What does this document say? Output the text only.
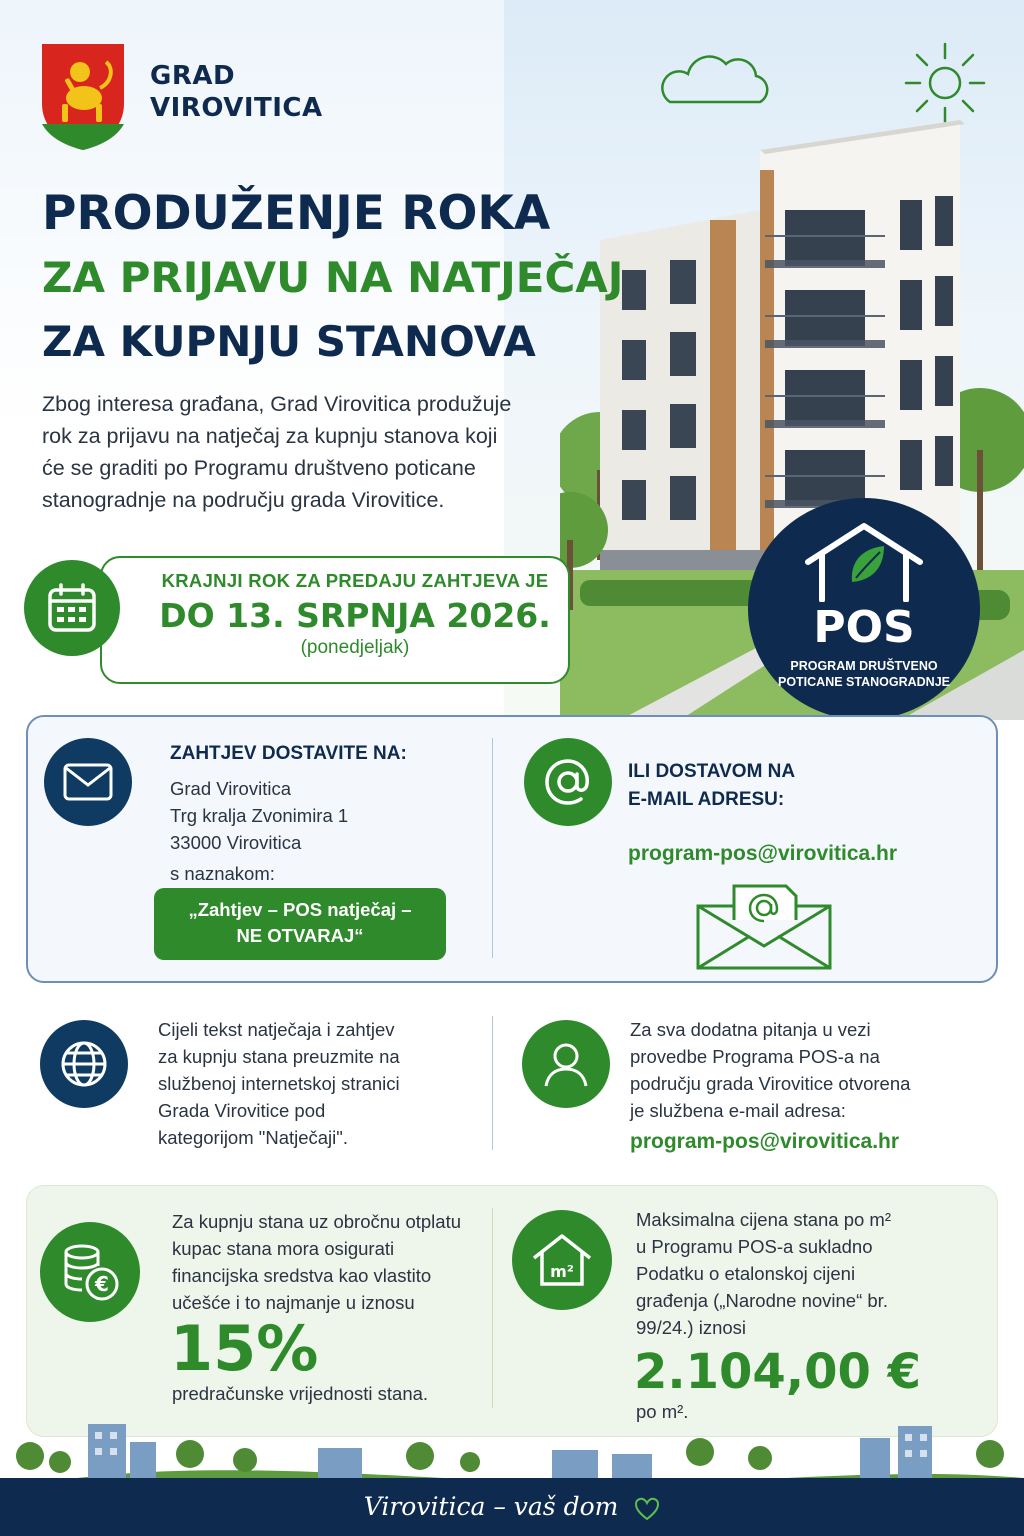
GRAD
VIROVITICA
PRODUŽENJE ROKA
ZA PRIJAVU NA NATJEČAJ
ZA KUPNJU STANOVA
Zbog interesa građana, Grad Virovitica produžuje
rok za prijavu na natječaj za kupnju stanova koji
će se graditi po Programu društveno poticane
stanogradnje na području grada Virovitice.
KRAJNJI ROK ZA PREDAJU ZAHTJEVA JE
DO 13. SRPNJA 2026.
(ponedjeljak)	POS
PROGRAM DRUŠTVENO
POTICANE STANOGRADNJE
ZAHTJEV DOSTAVITE NA:
Grad Virovitica
Trg kralja Zvonimira 1
33000 Virovitica
s naznakom:
„Zahtjev – POS natječaj –
NE OTVARAJ“
ILI DOSTAVOM NA
E-MAIL ADRESU:
program-pos@virovitica.hr
Cijeli tekst natječaja i zahtjev
za kupnju stana preuzmite na
službenoj internetskoj stranici
Grada Virovitice pod
kategorijom "Natječaji".
Za sva dodatna pitanja u vezi
provedbe Programa POS-a na
području grada Virovitice otvorena
je službena e-mail adresa:
program-pos@virovitica.hr
€
Za kupnju stana uz obročnu otplatu
kupac stana mora osigurati
financijska sredstva kao vlastito
učešće i to najmanje u iznosu
15%
predračunske vrijednosti stana.
m²
Maksimalna cijena stana po m²
u Programu POS-a sukladno
Podatku o etalonskoj cijeni
građenja („Narodne novine“ br.
99/24.) iznosi
2.104,00 €
po m².
Virovitica – vaš dom
